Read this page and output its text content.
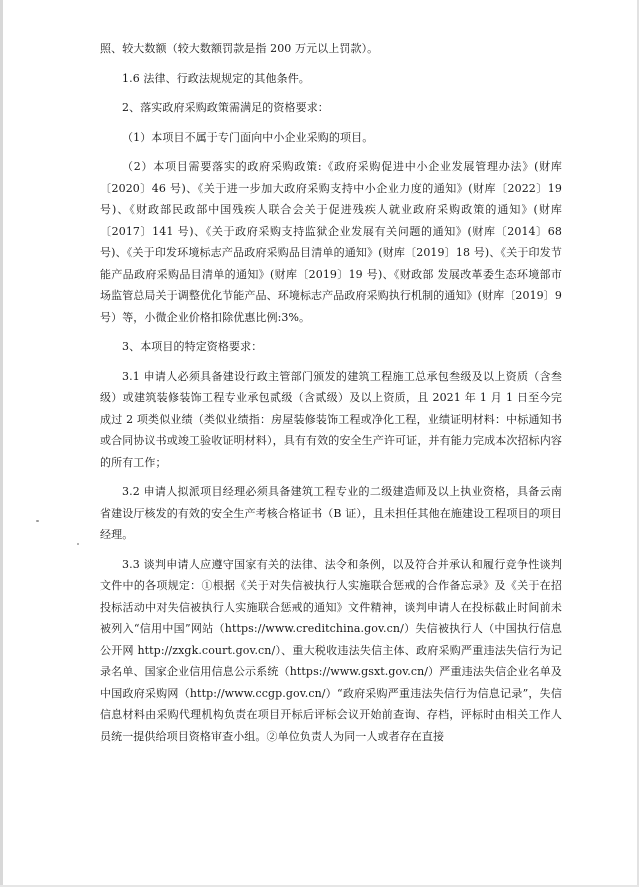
照、较大数额（较大数额罚款是指 200 万元以上罚款）。

1.6 法律、行政法规规定的其他条件。

2、落实政府采购政策需满足的资格要求：

（1）本项目不属于专门面向中小企业采购的项目。

（2）本项目需要落实的政府采购政策:《政府采购促进中小企业发展管理办法》(财库〔2020〕46 号)、《关于进一步加大政府采购支持中小企业力度的通知》(财库〔2022〕19 号)、《财政部民政部中国残疾人联合会关于促进残疾人就业政府采购政策的通知》(财库〔2017〕141 号)、《关于政府采购支持监狱企业发展有关问题的通知》(财库〔2014〕68 号)、《关于印发环境标志产品政府采购品目清单的通知》(财库〔2019〕18 号)、《关于印发节能产品政府采购品目清单的通知》(财库〔2019〕19 号)、《财政部 发展改革委生态环境部市场监管总局关于调整优化节能产品、环境标志产品政府采购执行机制的通知》(财库〔2019〕9 号）等，小微企业价格扣除优惠比例:3%。

3、本项目的特定资格要求：

3.1 申请人必须具备建设行政主管部门颁发的建筑工程施工总承包叁级及以上资质（含叁级）或建筑装修装饰工程专业承包贰级（含贰级）及以上资质，且 2021 年 1 月 1 日至今完成过 2 项类似业绩（类似业绩指：房屋装修装饰工程或净化工程，业绩证明材料：中标通知书或合同协议书或竣工验收证明材料），具有有效的安全生产许可证，并有能力完成本次招标内容的所有工作；

3.2 申请人拟派项目经理必须具备建筑工程专业的二级建造师及以上执业资格，具备云南省建设厅核发的有效的安全生产考核合格证书（B 证），且未担任其他在施建设工程项目的项目经理。

3.3 谈判申请人应遵守国家有关的法律、法令和条例，以及符合并承认和履行竞争性谈判文件中的各项规定：①根据《关于对失信被执行人实施联合惩戒的合作备忘录》及《关于在招投标活动中对失信被执行人实施联合惩戒的通知》文件精神，谈判申请人在投标截止时间前未被列入“信用中国”网站（https://www.creditchina.gov.cn/）失信被执行人（中国执行信息公开网 http://zxgk.court.gov.cn/）、重大税收违法失信主体、政府采购严重违法失信行为记录名单、国家企业信用信息公示系统（https://www.gsxt.gov.cn/）严重违法失信企业名单及中国政府采购网（http://www.ccgp.gov.cn/）“政府采购严重违法失信行为信息记录”，失信信息材料由采购代理机构负责在项目开标后评标会议开始前查询、存档，评标时由相关工作人员统一提供给项目资格审查小组。②单位负责人为同一人或者存在直接
